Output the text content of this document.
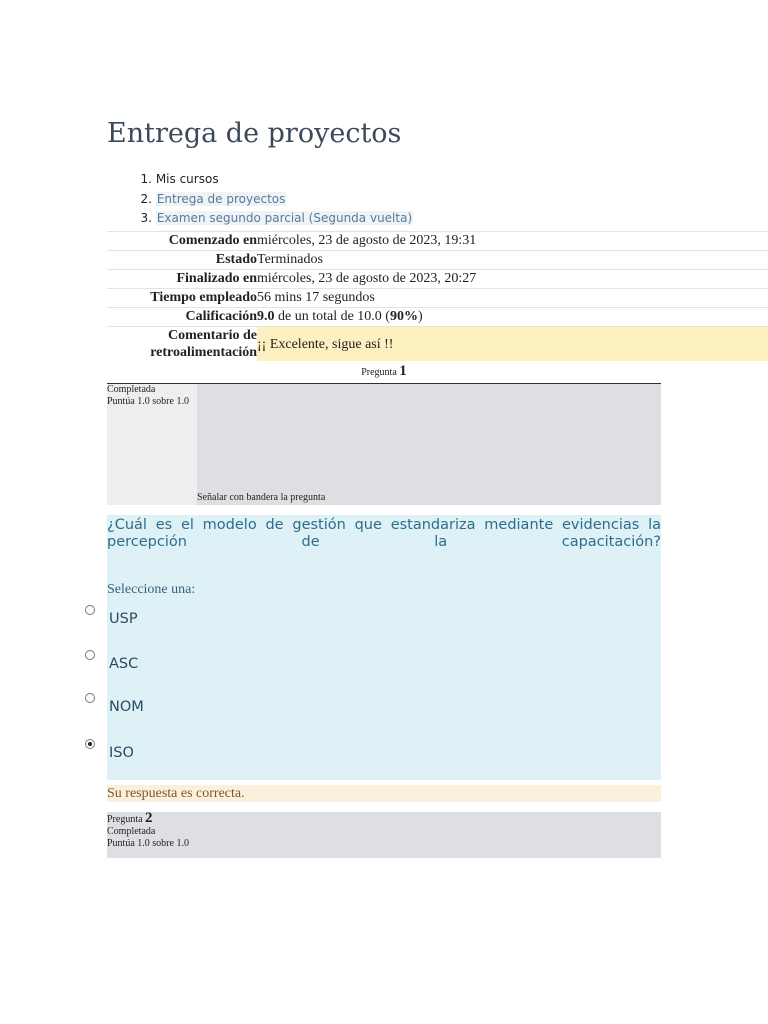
Entrega de proyectos
1. Mis cursos
2. Entrega de proyectos
3. Examen segundo parcial (Segunda vuelta)
Comenzado en	miércoles, 23 de agosto de 2023, 19:31
Estado	Terminados
Finalizado en	miércoles, 23 de agosto de 2023, 20:27
Tiempo empleado	56 mins 17 segundos
Calificación	9.0 de un total de 10.0 (90%)
Comentario de retroalimentación	¡¡ Excelente, sigue así !!
Pregunta 1
Completada
Puntúa 1.0 sobre 1.0
Señalar con bandera la pregunta

¿Cuál es el modelo de gestión que estandariza mediante evidencias la percepción de la capacitación?

Seleccione una:
USP
ASC
NOM
ISO
Su respuesta es correcta.
Pregunta 2
Completada
Puntúa 1.0 sobre 1.0
